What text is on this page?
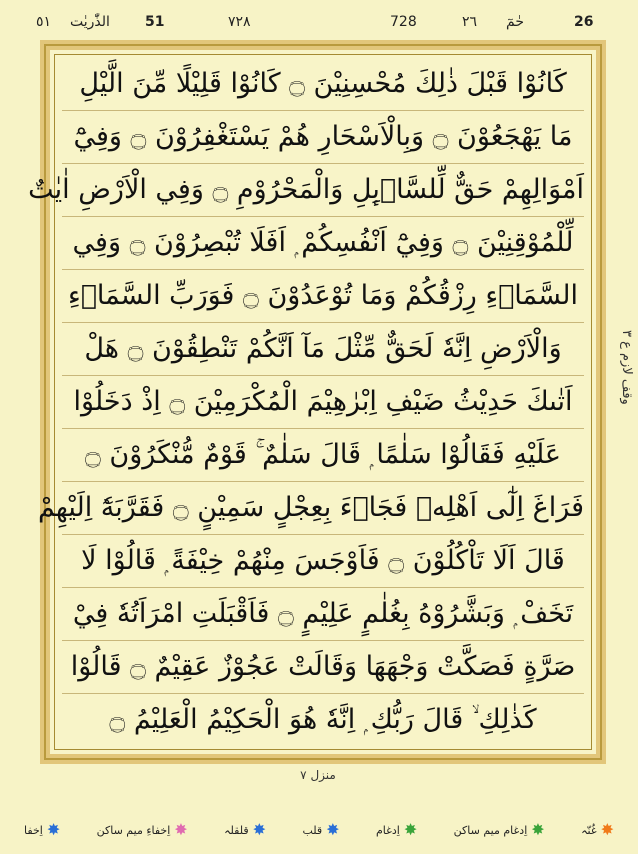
٥١ الذّٰريٰت	51	٧٢٨	728	٢٦ حٰمٓ	26
كَانُوْا قَبْلَ ذٰلِكَ مُحْسِنِيْنَ ۝ كَانُوْا قَلِيْلًا مِّنَ الَّيْلِ
مَا يَهْجَعُوْنَ ۝ وَبِالْاَسْحَارِ هُمْ يَسْتَغْفِرُوْنَ ۝ وَفِيْٓ
اَمْوَالِهِمْ حَقٌّ لِّلسَّاۤىِٕلِ وَالْمَحْرُوْمِ ۝ وَفِي الْاَرْضِ اٰيٰتٌ
لِّلْمُوْقِنِيْنَ ۝ وَفِيْٓ اَنْفُسِكُمْ ۭ اَفَلَا تُبْصِرُوْنَ ۝ وَفِي
السَّمَاۤءِ رِزْقُكُمْ وَمَا تُوْعَدُوْنَ ۝ فَوَرَبِّ السَّمَاۤءِ
وَالْاَرْضِ اِنَّهٗ لَحَقٌّ مِّثْلَ مَآ اَنَّكُمْ تَنْطِقُوْنَ ۝ هَلْ
اَتٰىكَ حَدِيْثُ ضَيْفِ اِبْرٰهِيْمَ الْمُكْرَمِيْنَ ۝ اِذْ دَخَلُوْا
عَلَيْهِ فَقَالُوْا سَلٰمًا ۭ قَالَ سَلٰمٌ ۚ قَوْمٌ مُّنْكَرُوْنَ ۝
فَرَاغَ اِلٰٓى اَهْلِهٖ فَجَاۗءَ بِعِجْلٍ سَمِيْنٍ ۝ فَقَرَّبَهٗٓ اِلَيْهِمْ
قَالَ اَلَا تَاْكُلُوْنَ ۝ فَاَوْجَسَ مِنْهُمْ خِيْفَةً ۭ قَالُوْا لَا
تَخَفْ ۭ وَبَشَّرُوْهُ بِغُلٰمٍ عَلِيْمٍ ۝ فَاَقْبَلَتِ امْرَاَتُهٗ فِيْ
صَرَّةٍ فَصَكَّتْ وَجْهَهَا وَقَالَتْ عَجُوْزٌ عَقِيْمٌ ۝ قَالُوْا
كَذٰلِكِ ۙ قَالَ رَبُّكِ ۭ اِنَّهٗ هُوَ الْحَكِيْمُ الْعَلِيْمُ ۝
وقف لازم ع ٣
منزل ٧
✸
اِخفا	✸
اِخفاءِ میم ساکن	✸
قلقلہ	✸
قلب	✸
اِدغام	✸
اِدغام میم ساکن	✸
غُنّہ
